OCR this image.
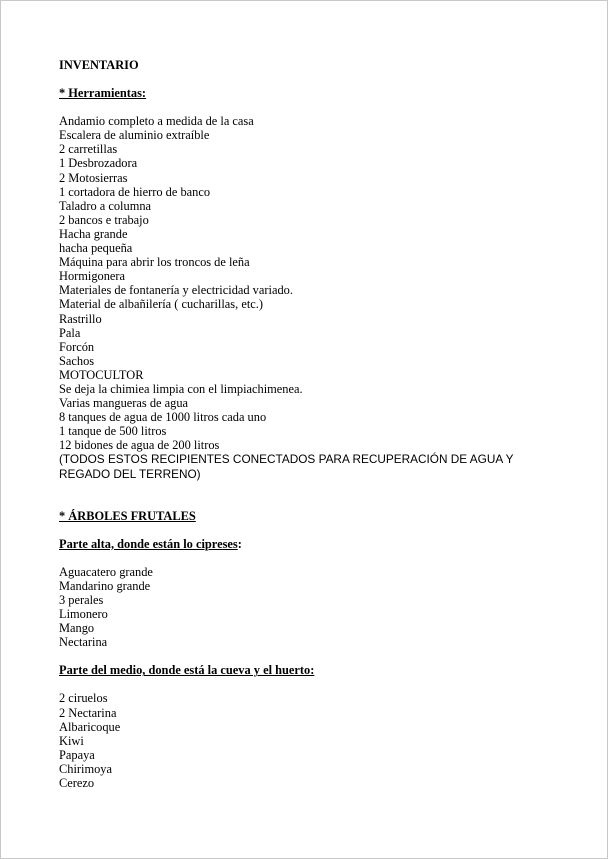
INVENTARIO

* Herramientas:

Andamio completo a medida de la casa
Escalera de aluminio extraíble
2 carretillas
1 Desbrozadora
2 Motosierras
1 cortadora de hierro de banco
Taladro a columna
2 bancos e trabajo
Hacha grande
hacha pequeña
Máquina para abrir los troncos de leña
Hormigonera
Materiales de fontanería y electricidad variado.
Material de albañilería ( cucharillas, etc.)
Rastrillo
Pala
Forcón
Sachos
MOTOCULTOR
Se deja la chimiea limpia con el limpiachimenea.
Varias mangueras de agua
8 tanques de agua de 1000 litros cada uno
1 tanque de 500 litros
12 bidones de agua de 200 litros

(TODOS ESTOS RECIPIENTES CONECTADOS PARA RECUPERACIÓN DE AGUA Y REGADO DEL TERRENO)

* ÁRBOLES FRUTALES

Parte alta, donde están lo cipreses:

Aguacatero grande
Mandarino grande
3 perales
Limonero
Mango
Nectarina

Parte del medio, donde está la cueva y el huerto:

2 ciruelos
2 Nectarina
Albaricoque
Kiwi
Papaya
Chirimoya
Cerezo
